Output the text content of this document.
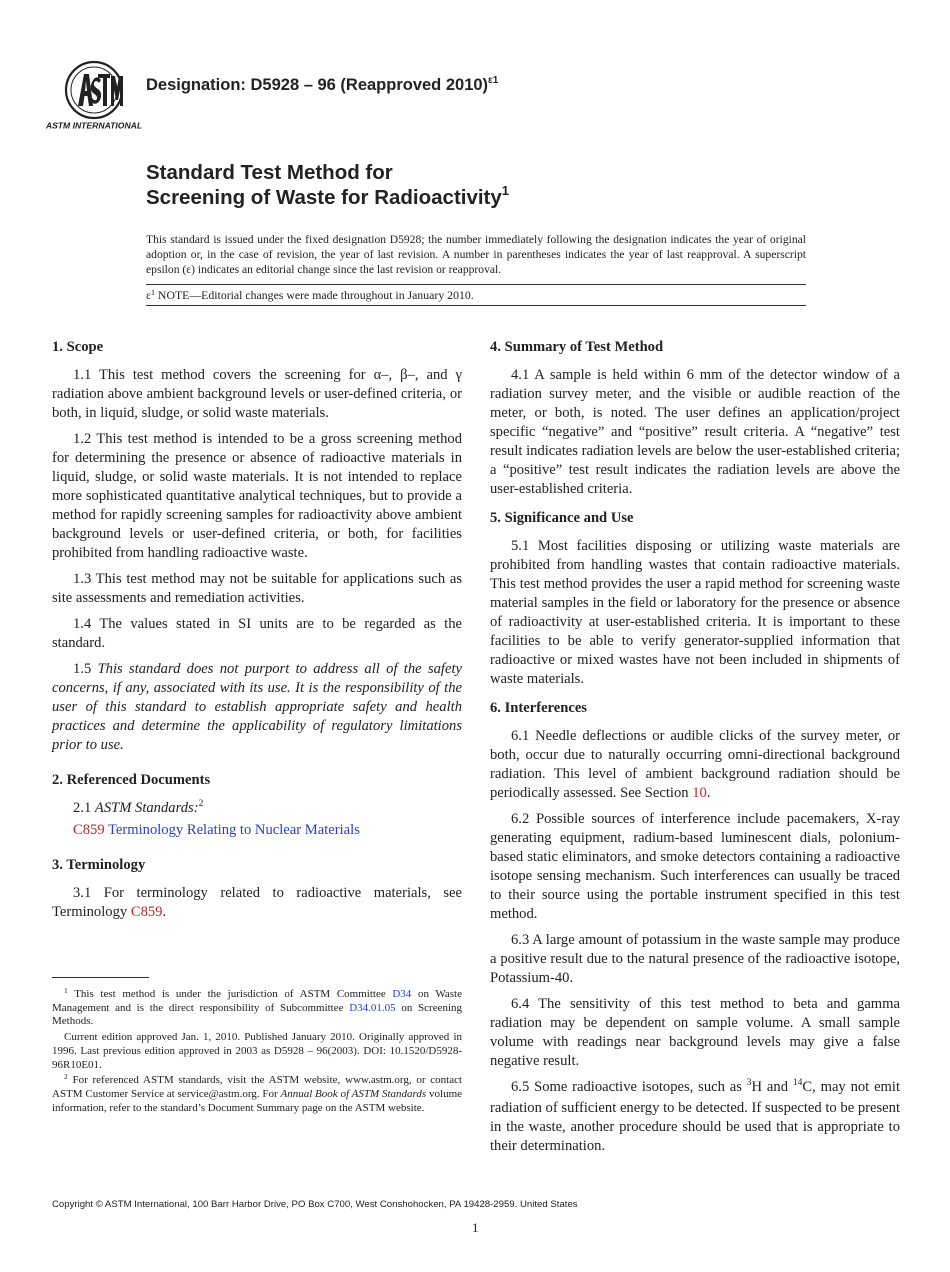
ASTM INTERNATIONAL
Designation: D5928 – 96 (Reapproved 2010)$^{\varepsilon 1}$
Standard Test Method for
Screening of Waste for Radioactivity$^1$
This standard is issued under the fixed designation D5928; the number immediately following the designation indicates the year of original adoption or, in the case of revision, the year of last revision. A number in parentheses indicates the year of last reapproval. A superscript epsilon (ε) indicates an editorial change since the last revision or reapproval.
$\varepsilon^1$ NOTE—Editorial changes were made throughout in January 2010.
1. Scope

1.1 This test method covers the screening for α–, β–, and γ radiation above ambient background levels or user-defined criteria, or both, in liquid, sludge, or solid waste materials.

1.2 This test method is intended to be a gross screening method for determining the presence or absence of radioactive materials in liquid, sludge, or solid waste materials. It is not intended to replace more sophisticated quantitative analytical techniques, but to provide a method for rapidly screening samples for radioactivity above ambient background levels or user-defined criteria, or both, for facilities prohibited from handling radioactive waste.

1.3 This test method may not be suitable for applications such as site assessments and remediation activities.

1.4 The values stated in SI units are to be regarded as the standard.

1.5 This standard does not purport to address all of the safety concerns, if any, associated with its use. It is the responsibility of the user of this standard to establish appropriate safety and health practices and determine the applicability of regulatory limitations prior to use.

2. Referenced Documents
2.1 ASTM Standards:$^2$
C859 Terminology Relating to Nuclear Materials
3. Terminology

3.1 For terminology related to radioactive materials, see Terminology C859.

$^1$ This test method is under the jurisdiction of ASTM Committee D34 on Waste Management and is the direct responsibility of Subcommittee D34.01.05 on Screening Methods.

Current edition approved Jan. 1, 2010. Published January 2010. Originally approved in 1996. Last previous edition approved in 2003 as D5928 – 96(2003). DOI: 10.1520/D5928-96R10E01.

$^2$ For referenced ASTM standards, visit the ASTM website, www.astm.org, or contact ASTM Customer Service at service@astm.org. For Annual Book of ASTM Standards volume information, refer to the standard’s Document Summary page on the ASTM website.

4. Summary of Test Method

4.1 A sample is held within 6 mm of the detector window of a radiation survey meter, and the visible or audible reaction of the meter, or both, is noted. The user defines an application/project specific “negative” and “positive” result criteria. A “negative” test result indicates radiation levels are below the user-established criteria; a “positive” test result indicates the radiation levels are above the user-established criteria.

5. Significance and Use

5.1 Most facilities disposing or utilizing waste materials are prohibited from handling wastes that contain radioactive materials. This test method provides the user a rapid method for screening waste material samples in the field or laboratory for the presence or absence of radioactivity at user-established criteria. It is important to these facilities to be able to verify generator-supplied information that radioactive or mixed wastes have not been included in shipments of waste materials.

6. Interferences

6.1 Needle deflections or audible clicks of the survey meter, or both, occur due to naturally occurring omni-directional background radiation. This level of ambient background radiation should be periodically assessed. See Section 10.

6.2 Possible sources of interference include pacemakers, X-ray generating equipment, radium-based luminescent dials, polonium-based static eliminators, and smoke detectors containing a radioactive isotope sensing mechanism. Such interferences can usually be traced to their source using the portable instrument specified in this test method.

6.3 A large amount of potassium in the waste sample may produce a positive result due to the natural presence of the radioactive isotope, Potassium-40.

6.4 The sensitivity of this test method to beta and gamma radiation may be dependent on sample volume. A small sample volume with readings near background levels may give a false negative result.

6.5 Some radioactive isotopes, such as $^3$H and $^{14}$C, may not emit radiation of sufficient energy to be detected. If suspected to be present in the waste, another procedure should be used that is appropriate to their determination.

Copyright © ASTM International, 100 Barr Harbor Drive, PO Box C700, West Conshohocken, PA 19428-2959. United States
1
